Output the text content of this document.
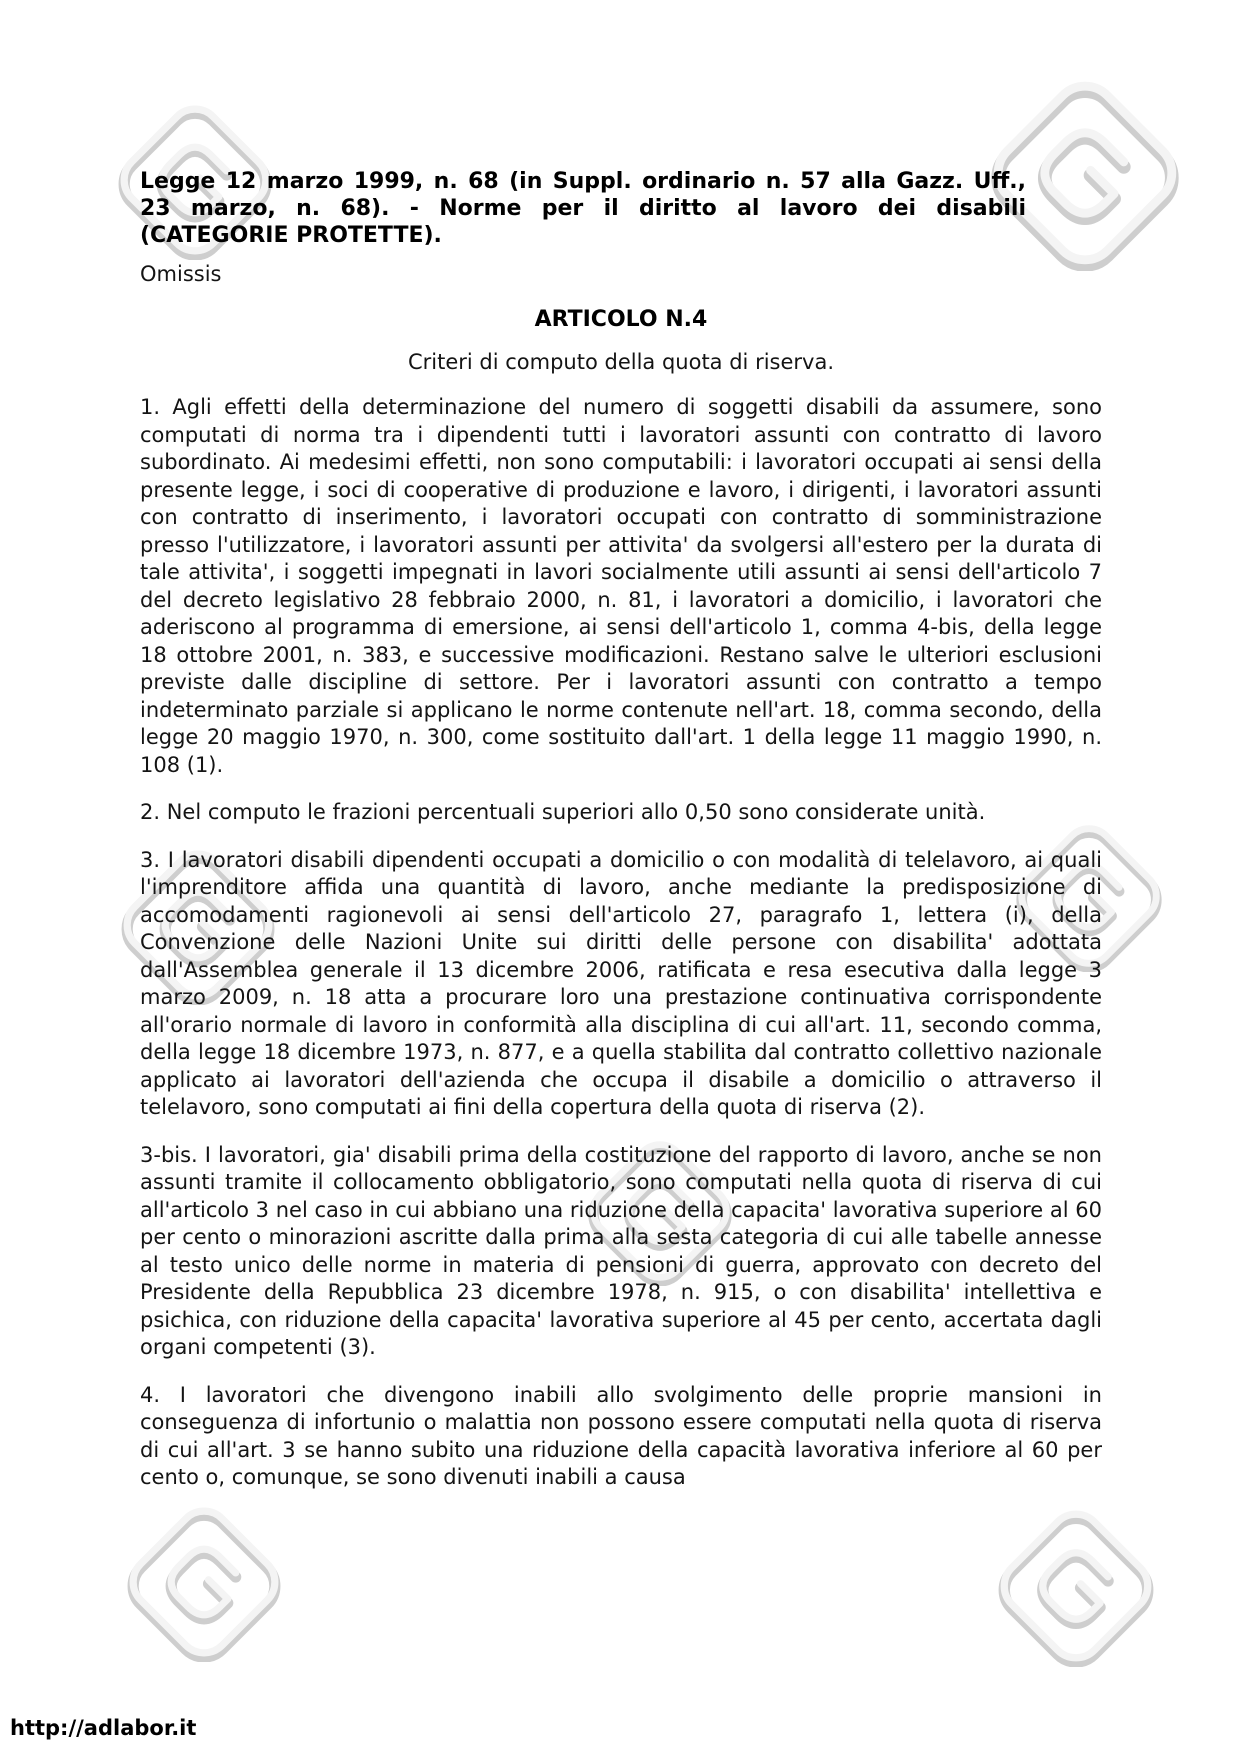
Legge 12 marzo 1999, n. 68 (in Suppl. ordinario n. 57 alla Gazz. Uff., 23 marzo, n. 68). - Norme per il diritto al lavoro dei disabili (CATEGORIE PROTETTE).

Omissis

ARTICOLO N.4

Criteri di computo della quota di riserva.

1. Agli effetti della determinazione del numero di soggetti disabili da assumere, sono computati di norma tra i dipendenti tutti i lavoratori assunti con contratto di lavoro subordinato. Ai medesimi effetti, non sono computabili: i lavoratori occupati ai sensi della presente legge, i soci di cooperative di produzione e lavoro, i dirigenti, i lavoratori assunti con contratto di inserimento, i lavoratori occupati con contratto di somministrazione presso l'utilizzatore, i lavoratori assunti per attivita' da svolgersi all'estero per la durata di tale attivita', i soggetti impegnati in lavori socialmente utili assunti ai sensi dell'articolo 7 del decreto legislativo 28 febbraio 2000, n. 81, i lavoratori a domicilio, i lavoratori che aderiscono al programma di emersione, ai sensi dell'articolo 1, comma 4-bis, della legge 18 ottobre 2001, n. 383, e successive modificazioni. Restano salve le ulteriori esclusioni previste dalle discipline di settore. Per i lavoratori assunti con contratto a tempo indeterminato parziale si applicano le norme contenute nell'art. 18, comma secondo, della legge 20 maggio 1970, n. 300, come sostituito dall'art. 1 della legge 11 maggio 1990, n. 108 (1).

2. Nel computo le frazioni percentuali superiori allo 0,50 sono considerate unità.

3. I lavoratori disabili dipendenti occupati a domicilio o con modalità di telelavoro, ai quali l'imprenditore affida una quantità di lavoro, anche mediante la predisposizione di accomodamenti ragionevoli ai sensi dell'articolo 27, paragrafo 1, lettera (i), della Convenzione delle Nazioni Unite sui diritti delle persone con disabilita' adottata dall'Assemblea generale il 13 dicembre 2006, ratificata e resa esecutiva dalla legge 3 marzo 2009, n. 18 atta a procurare loro una prestazione continuativa corrispondente all'orario normale di lavoro in conformità alla disciplina di cui all'art. 11, secondo comma, della legge 18 dicembre 1973, n. 877, e a quella stabilita dal contratto collettivo nazionale applicato ai lavoratori dell'azienda che occupa il disabile a domicilio o attraverso il telelavoro, sono computati ai fini della copertura della quota di riserva (2).

3-bis. I lavoratori, gia' disabili prima della costituzione del rapporto di lavoro, anche se non assunti tramite il collocamento obbligatorio, sono computati nella quota di riserva di cui all'articolo 3 nel caso in cui abbiano una riduzione della capacita' lavorativa superiore al 60 per cento o minorazioni ascritte dalla prima alla sesta categoria di cui alle tabelle annesse al testo unico delle norme in materia di pensioni di guerra, approvato con decreto del Presidente della Repubblica 23 dicembre 1978, n. 915, o con disabilita' intellettiva e psichica, con riduzione della capacita' lavorativa superiore al 45 per cento, accertata dagli organi competenti (3).

4. I lavoratori che divengono inabili allo svolgimento delle proprie mansioni in conseguenza di infortunio o malattia non possono essere computati nella quota di riserva di cui all'art. 3 se hanno subito una riduzione della capacità lavorativa inferiore al 60 per cento o, comunque, se sono divenuti inabili a causa

http://adlabor.it
